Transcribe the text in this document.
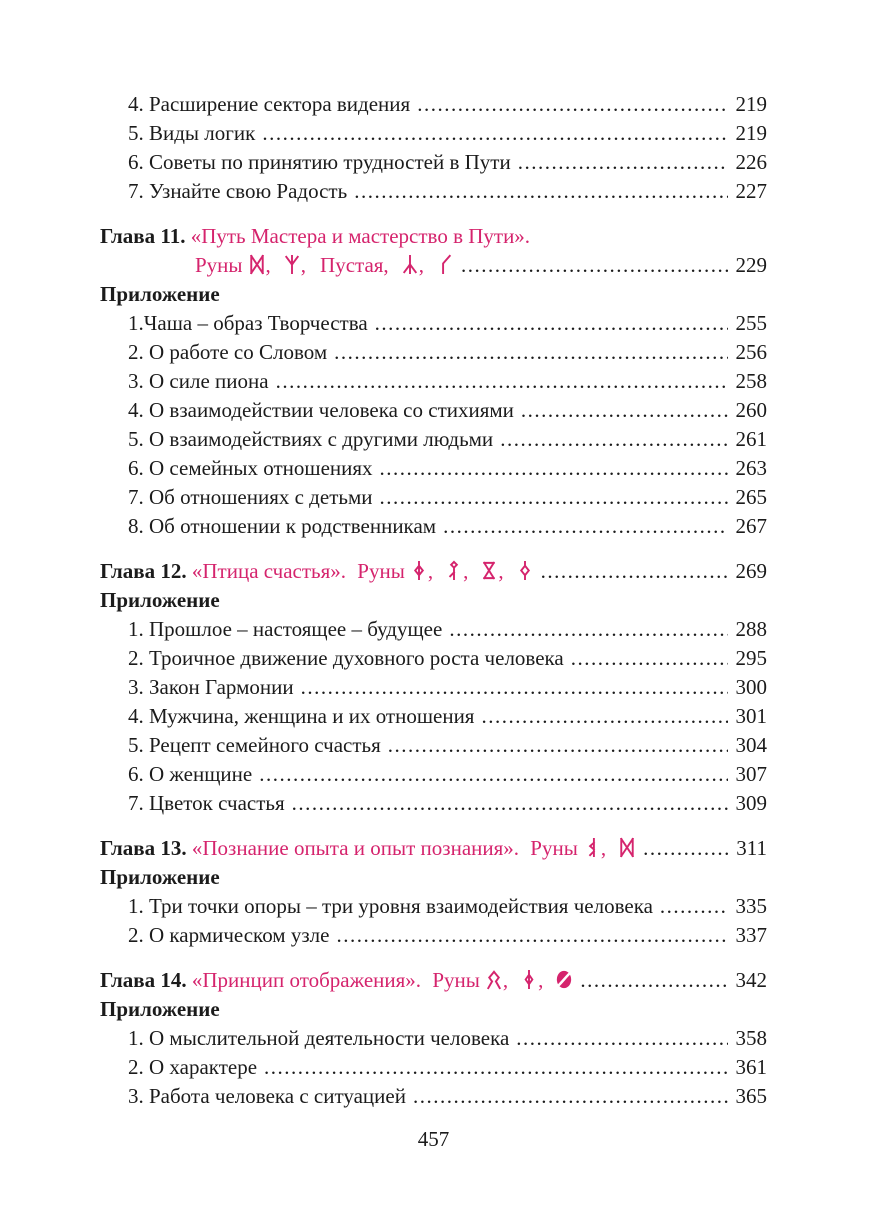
4. Расширение сектора видения .....	219
5. Виды логик .....	219
6. Советы по принятию трудностей в Пути .....	226
7. Узнайте свою Радость .....	227
Глава 11. «Путь Мастера и мастерство в Пути».
Руны , , Пустая, , .....	229
Приложение
1.Чаша – образ Творчества .....	255
2. О работе со Словом .....	256
3. О силе пиона .....	258
4. О взаимодействии человека со стихиями .....	260
5. О взаимодействиях с другими людьми .....	261
6. О семейных отношениях .....	263
7. Об отношениях с детьми .....	265
8. Об отношении к родственникам .....	267
Глава 12. «Птица счастья». Руны , , , .....	269
Приложение
1. Прошлое – настоящее – будущее .....	288
2. Троичное движение духовного роста человека .....	295
3. Закон Гармонии .....	300
4. Мужчина, женщина и их отношения .....	301
5. Рецепт семейного счастья .....	304
6. О женщине .....	307
7. Цветок счастья .....	309
Глава 13. «Познание опыта и опыт познания». Руны , .....	311
Приложение
1. Три точки опоры – три уровня взаимодействия человека .....	335
2. О кармическом узле .....	337
Глава 14. «Принцип отображения». Руны , , .....	342
Приложение
1. О мыслительной деятельности человека .....	358
2. О характере .....	361
3. Работа человека с ситуацией .....	365
457
